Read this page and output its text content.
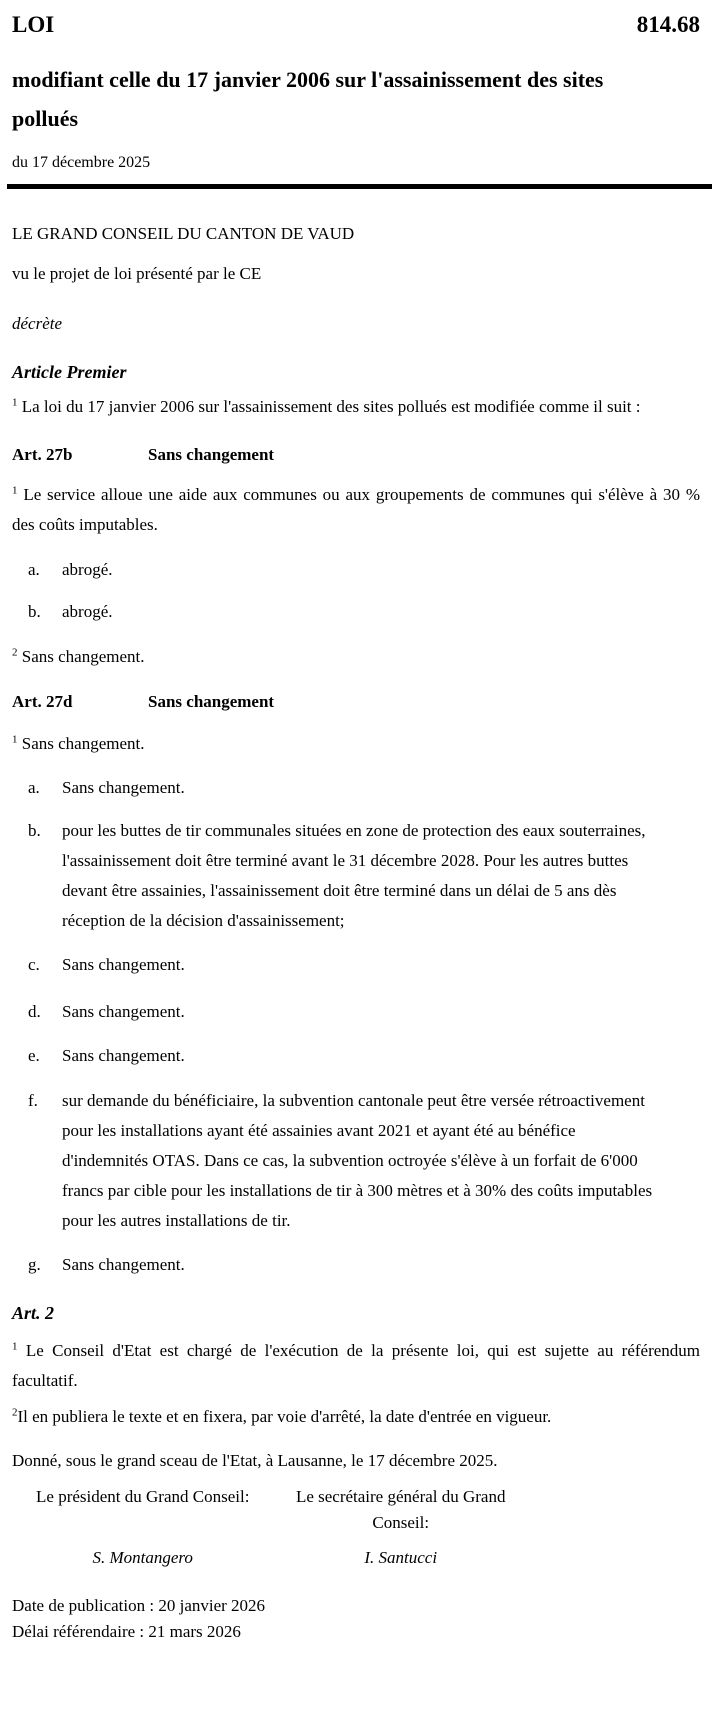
LOI	814.68
modifiant celle du 17 janvier 2006 sur l'assainissement des sites pollués
du 17 décembre 2025

LE GRAND CONSEIL DU CANTON DE VAUD

vu le projet de loi présenté par le CE

décrète

Article Premier

$^1$ La loi du 17 janvier 2006 sur l'assainissement des sites pollués est modifiée comme il suit :

Art. 27b	Sans changement

$^1$ Le service alloue une aide aux communes ou aux groupements de communes qui s'élève à 30 % des coûts imputables.

a.	abrogé.
b.	abrogé.

$^2$ Sans changement.

Art. 27d	Sans changement

$^1$ Sans changement.

a.	Sans changement.
b.	pour les buttes de tir communales situées en zone de protection des eaux souterraines, l'assainissement doit être terminé avant le 31 décembre 2028. Pour les autres buttes devant être assainies, l'assainissement doit être terminé dans un délai de 5 ans dès réception de la décision d'assainissement;
c.	Sans changement.
d.	Sans changement.
e.	Sans changement.
f.	sur demande du bénéficiaire, la subvention cantonale peut être versée rétroactivement pour les installations ayant été assainies avant 2021 et ayant été au bénéfice d'indemnités OTAS. Dans ce cas, la subvention octroyée s'élève à un forfait de 6'000 francs par cible pour les installations de tir à 300 mètres et à 30% des coûts imputables pour les autres installations de tir.
g.	Sans changement.
Art. 2

$^1$ Le Conseil d'Etat est chargé de l'exécution de la présente loi, qui est sujette au référendum facultatif.

$^2$Il en publiera le texte et en fixera, par voie d'arrêté, la date d'entrée en vigueur.

Donné, sous le grand sceau de l'Etat, à Lausanne, le 17 décembre 2025.

Le président du Grand Conseil:	Le secrétaire général du Grand Conseil:
S. Montangero	I. Santucci
Date de publication : 20 janvier 2026
Délai référendaire : 21 mars 2026
